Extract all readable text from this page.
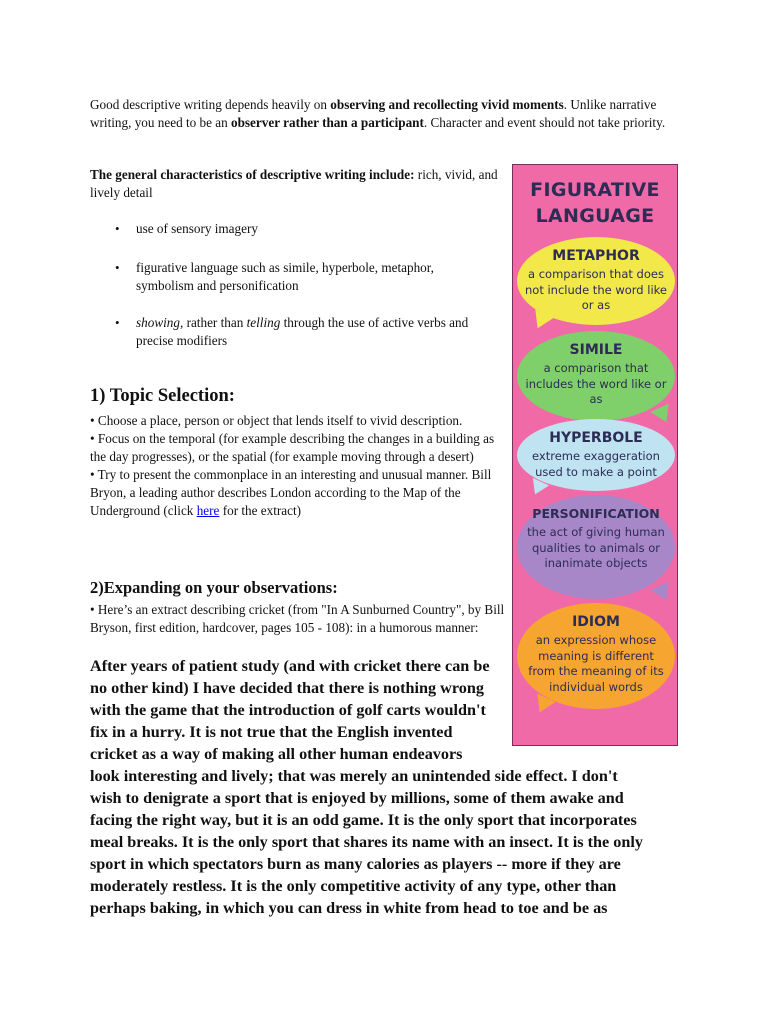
Good descriptive writing depends heavily on observing and recollecting vivid moments. Unlike narrative writing, you need to be an observer rather than a participant. Character and event should not take priority.

The general characteristics of descriptive writing include: rich, vivid, and lively detail

• use of sensory imagery
• figurative language such as simile, hyperbole, metaphor, symbolism and personification
• showing, rather than telling through the use of active verbs and precise modifiers
1) Topic Selection:
• Choose a place, person or object that lends itself to vivid description.
• Focus on the temporal (for example describing the changes in a building as the day progresses), or the spatial (for example moving through a desert)
• Try to present the commonplace in an interesting and unusual manner. Bill Bryon, a leading author describes London according to the Map of the Underground (click here for the extract)
2)Expanding on your observations:
• Here’s an extract describing cricket (from "In A Sunburned Country", by Bill Bryson, first edition, hardcover, pages 105 - 108): in a humorous manner:
After years of patient study (and with cricket there can be
no other kind) I have decided that there is nothing wrong
with the game that the introduction of golf carts wouldn't
fix in a hurry. It is not true that the English invented
cricket as a way of making all other human endeavors
look interesting and lively; that was merely an unintended side effect. I don't
wish to denigrate a sport that is enjoyed by millions, some of them awake and
facing the right way, but it is an odd game. It is the only sport that incorporates
meal breaks. It is the only sport that shares its name with an insect. It is the only
sport in which spectators burn as many calories as players -- more if they are
moderately restless. It is the only competitive activity of any type, other than
perhaps baking, in which you can dress in white from head to toe and be as
FIGURATIVE
LANGUAGE
METAPHOR
a comparison that does not include the word like or as
SIMILE
a comparison that includes the word like or as
HYPERBOLE
extreme exaggeration used to make a point
PERSONIFICATION
the act of giving human qualities to animals or inanimate objects
IDIOM
an expression whose meaning is different from the meaning of its individual words
